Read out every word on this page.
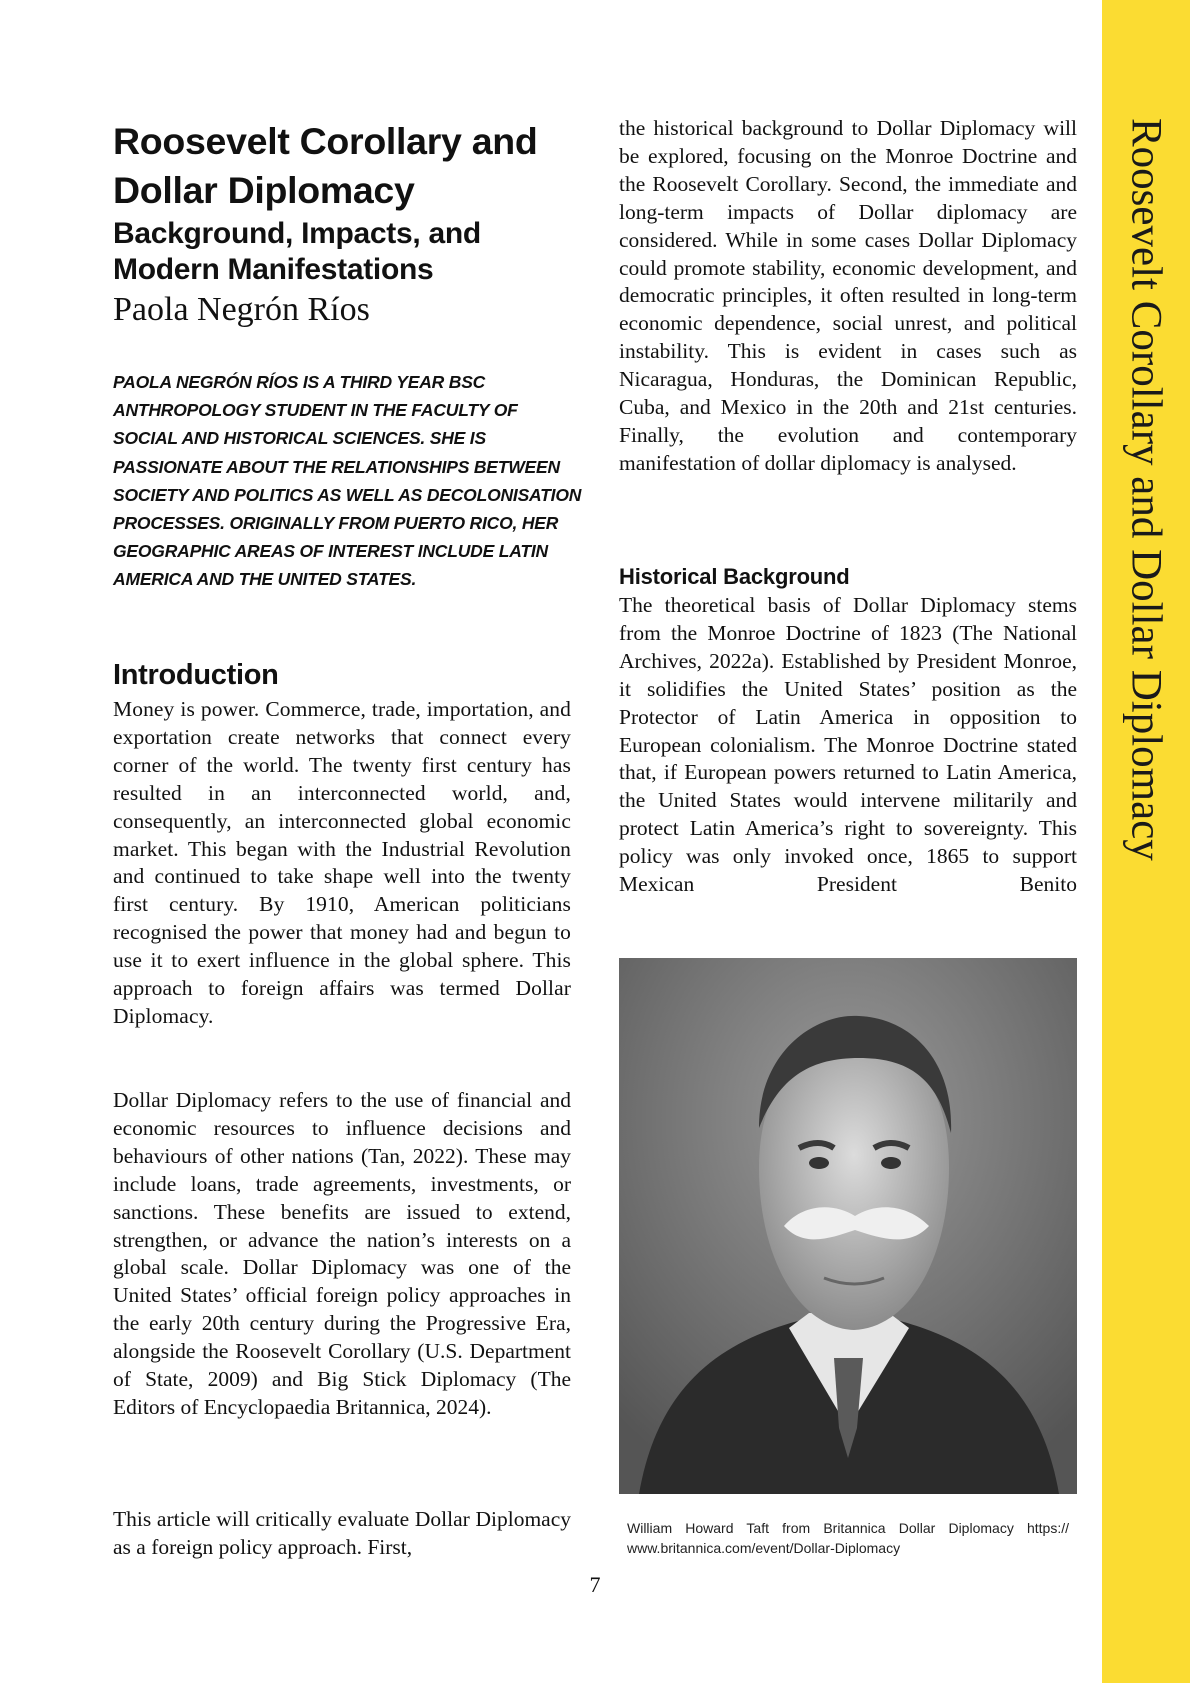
Roosevelt Corollary and Dollar Diplomacy
Roosevelt Corollary and Dollar Diplomacy
Background, Impacts, and Modern Manifestations
Paola Negrón Ríos

PAOLA NEGRÓN RÍOS IS A THIRD YEAR BSC ANTHROPOLOGY STUDENT IN THE FACULTY OF SOCIAL AND HISTORICAL SCIENCES. SHE IS PASSIONATE ABOUT THE RELATIONSHIPS BETWEEN SOCIETY AND POLITICS AS WELL AS DECOLONISATION PROCESSES. ORIGINALLY FROM PUERTO RICO, HER GEOGRAPHIC AREAS OF INTEREST INCLUDE LATIN AMERICA AND THE UNITED STATES.

Introduction

Money is power. Commerce, trade, importation, and exportation create networks that connect every corner of the world. The twenty first century has resulted in an interconnected world, and, consequently, an interconnected global economic market. This began with the Industrial Revolution and continued to take shape well into the twenty first century. By 1910, American politicians recognised the power that money had and begun to use it to exert influence in the global sphere. This approach to foreign affairs was termed Dollar Diplomacy.

Dollar Diplomacy refers to the use of financial and economic resources to influence decisions and behaviours of other nations (Tan, 2022). These may include loans, trade agreements, investments, or sanctions. These benefits are issued to extend, strengthen, or advance the nation’s interests on a global scale. Dollar Diplomacy was one of the United States’ official foreign policy approaches in the early 20th century during the Progressive Era, alongside the Roosevelt Corollary (U.S. Department of State, 2009) and Big Stick Diplomacy (The Editors of Encyclopaedia Britannica, 2024).

This article will critically evaluate Dollar Diplomacy as a foreign policy approach. First,

the historical background to Dollar Diplomacy will be explored, focusing on the Monroe Doctrine and the Roosevelt Corollary. Second, the immediate and long-term impacts of Dollar diplomacy are considered. While in some cases Dollar Diplomacy could promote stability, economic development, and democratic principles, it often resulted in long-term economic dependence, social unrest, and political instability. This is evident in cases such as Nicaragua, Honduras, the Dominican Republic, Cuba, and Mexico in the 20th and 21st centuries. Finally, the evolution and contemporary manifestation of dollar diplomacy is analysed.

Historical Background

The theoretical basis of Dollar Diplomacy stems from the Monroe Doctrine of 1823 (The National Archives, 2022a). Established by President Monroe, it solidifies the United States’ position as the Protector of Latin America in opposition to European colonialism. The Monroe Doctrine stated that, if European powers returned to Latin America, the United States would intervene militarily and protect Latin America’s right to sovereignty. This policy was only invoked once, 1865 to support Mexican President Benito

William Howard Taft from Britannica Dollar Diplomacy https:// www.britannica.com/event/Dollar-Diplomacy

7
